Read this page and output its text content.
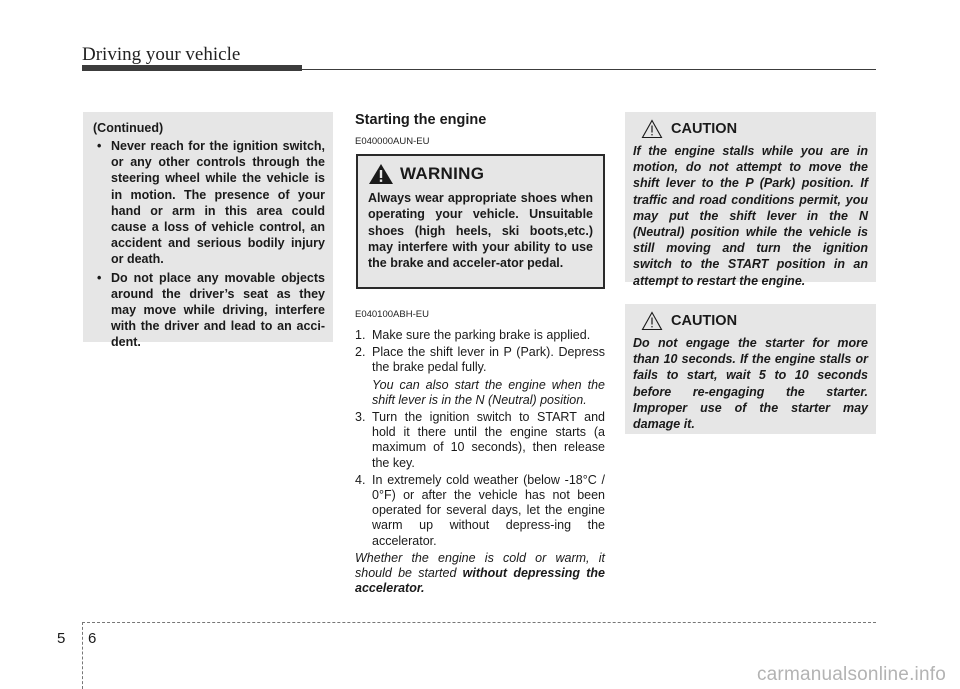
Driving your vehicle
(Continued)
• Never reach for the ignition switch, or any other controls through the steering wheel while the vehicle is in motion. The presence of your hand or arm in this area could cause a loss of vehicle control, an accident and serious bodily injury or death.
• Do not place any movable objects around the driver’s seat as they may move while driving, interfere with the driver and lead to an acci-dent.
Starting the engine
E040000AUN-EU
WARNING
Always wear appropriate shoes when operating your vehicle. Unsuitable shoes (high heels, ski boots,etc.) may interfere with your ability to use the brake and acceler-ator pedal.
E040100ABH-EU
1. Make sure the parking brake is applied.
2. Place the shift lever in P (Park). Depress the brake pedal fully.
You can also start the engine when the shift lever is in the N (Neutral) position.
3. Turn the ignition switch to START and hold it there until the engine starts (a maximum of 10 seconds), then release the key.
4. In extremely cold weather (below -18°C / 0°F) or after the vehicle has not been operated for several days, let the engine warm up without depress-ing the accelerator.
Whether the engine is cold or warm, it should be started without depressing the accelerator.
CAUTION
If the engine stalls while you are in motion, do not attempt to move the shift lever to the P (Park) position. If traffic and road conditions permit, you may put the shift lever in the N (Neutral) position while the vehicle is still moving and turn the ignition switch to the START position in an attempt to restart the engine.
CAUTION
Do not engage the starter for more than 10 seconds. If the engine stalls or fails to start, wait 5 to 10 seconds before re-engaging the starter. Improper use of the starter may damage it.
5 6
carmanualsonline.info
